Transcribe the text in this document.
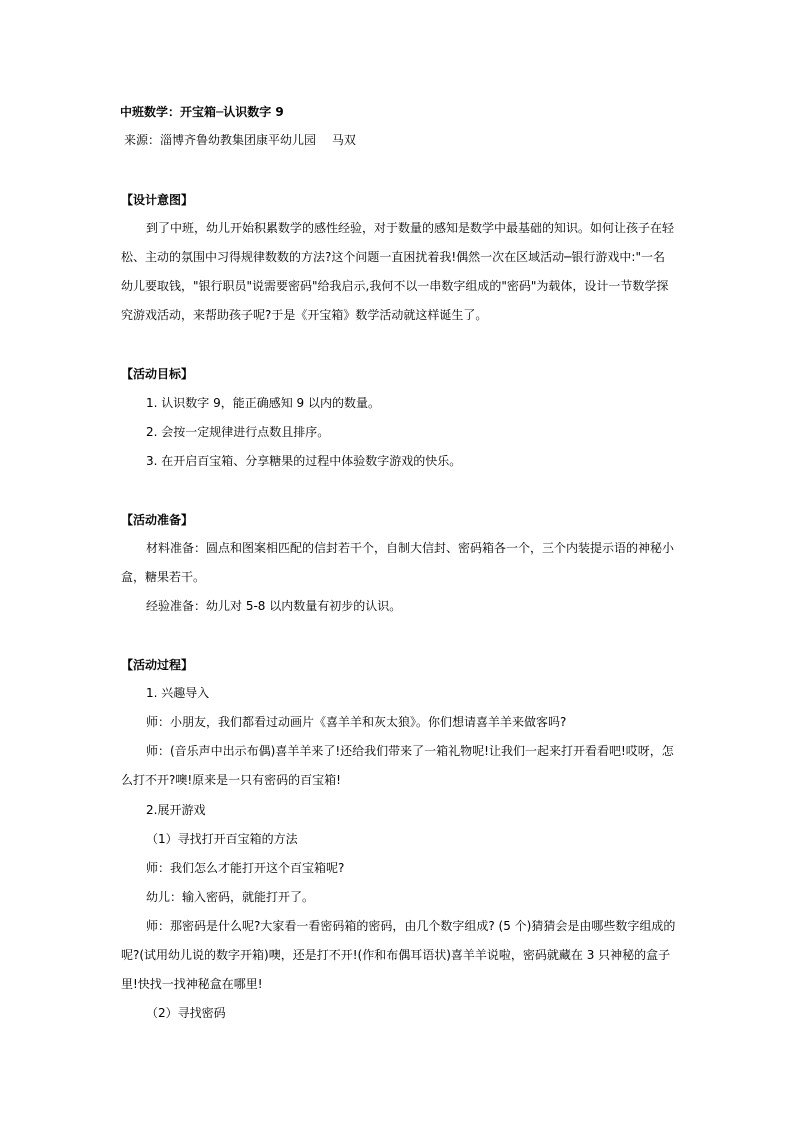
中班数学：开宝箱─认识数字 9
来源：淄博齐鲁幼教集团康平幼儿园　 马双
【设计意图】
到了中班，幼儿开始积累数学的感性经验，对于数量的感知是数学中最基础的知识。如何让孩子在轻
松、主动的氛围中习得规律数数的方法?这个问题一直困扰着我!偶然一次在区域活动─银行游戏中:"一名
幼儿要取钱，"银行职员"说需要密码"给我启示,我何不以一串数字组成的"密码"为载体，设计一节数学探
究游戏活动，来帮助孩子呢?于是《开宝箱》数学活动就这样诞生了。
【活动目标】
1. 认识数字 9，能正确感知 9 以内的数量。
2. 会按一定规律进行点数且排序。
3. 在开启百宝箱、分享糖果的过程中体验数字游戏的快乐。
【活动准备】
材料准备：圆点和图案相匹配的信封若干个，自制大信封、密码箱各一个，三个内装提示语的神秘小
盒，糖果若干。
经验准备：幼儿对 5-8 以内数量有初步的认识。
【活动过程】
1. 兴趣导入
师：小朋友，我们都看过动画片《喜羊羊和灰太狼》。你们想请喜羊羊来做客吗?
师：(音乐声中出示布偶)喜羊羊来了!还给我们带来了一箱礼物呢!让我们一起来打开看看吧!哎呀，怎
么打不开?噢!原来是一只有密码的百宝箱!
2.展开游戏
（1）寻找打开百宝箱的方法
师：我们怎么才能打开这个百宝箱呢?
幼儿：输入密码，就能打开了。
师：那密码是什么呢?大家看一看密码箱的密码，由几个数字组成? (5 个)猜猜会是由哪些数字组成的
呢?(试用幼儿说的数字开箱)噢，还是打不开!(作和布偶耳语状)喜羊羊说啦，密码就藏在 3 只神秘的盒子
里!快找一找神秘盒在哪里!
（2）寻找密码
